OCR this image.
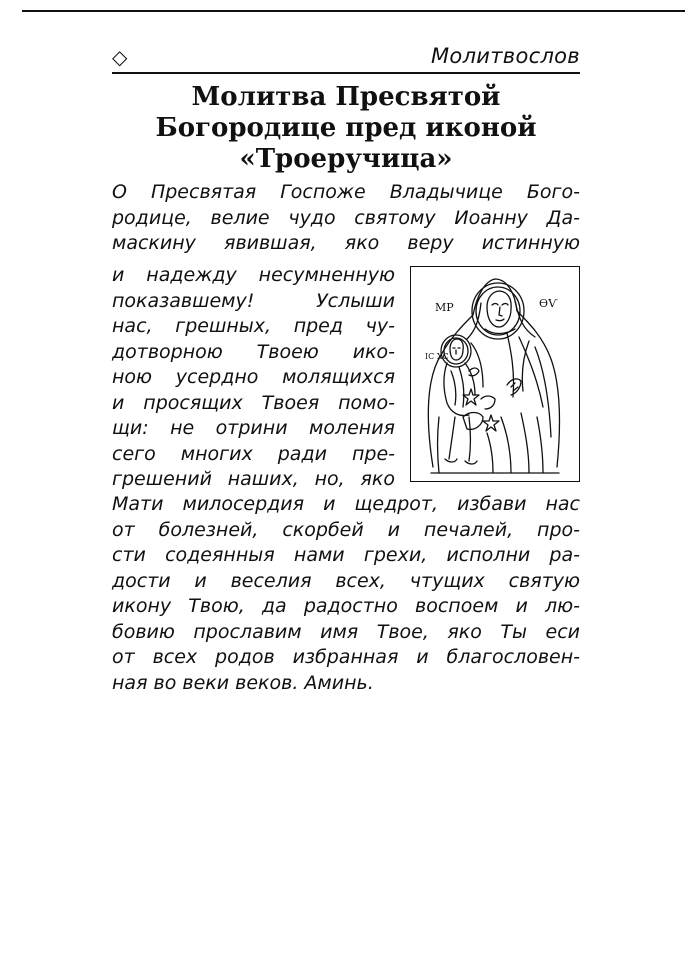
◇	Молитвослов
Молитва Пресвятой
Богородице пред иконой
«Троеручица»
О Пресвятая Госпоже Владычице Бого-
родице, велие чудо святому Иоанну Да-
маскину явившая, яко веру истинную
и надежду несумненную
показавшему! Услыши
нас, грешных, пред чу-
дотворною Твоею ико-
ною усердно молящихся
и просящих Твоея помо-
щи: не отрини моления
сего многих ради пре-
грешений наших, но, яко
МР	ѲѴ
ІС ХС
Мати милосердия и щедрот, избави нас
от болезней, скорбей и печалей, про-
сти содеянныя нами грехи, исполни ра-
дости и веселия всех, чтущих святую
икону Твою, да радостно воспоем и лю-
бовию прославим имя Твое, яко Ты еси
от всех родов избранная и благословен-
ная во веки веков. Аминь.
